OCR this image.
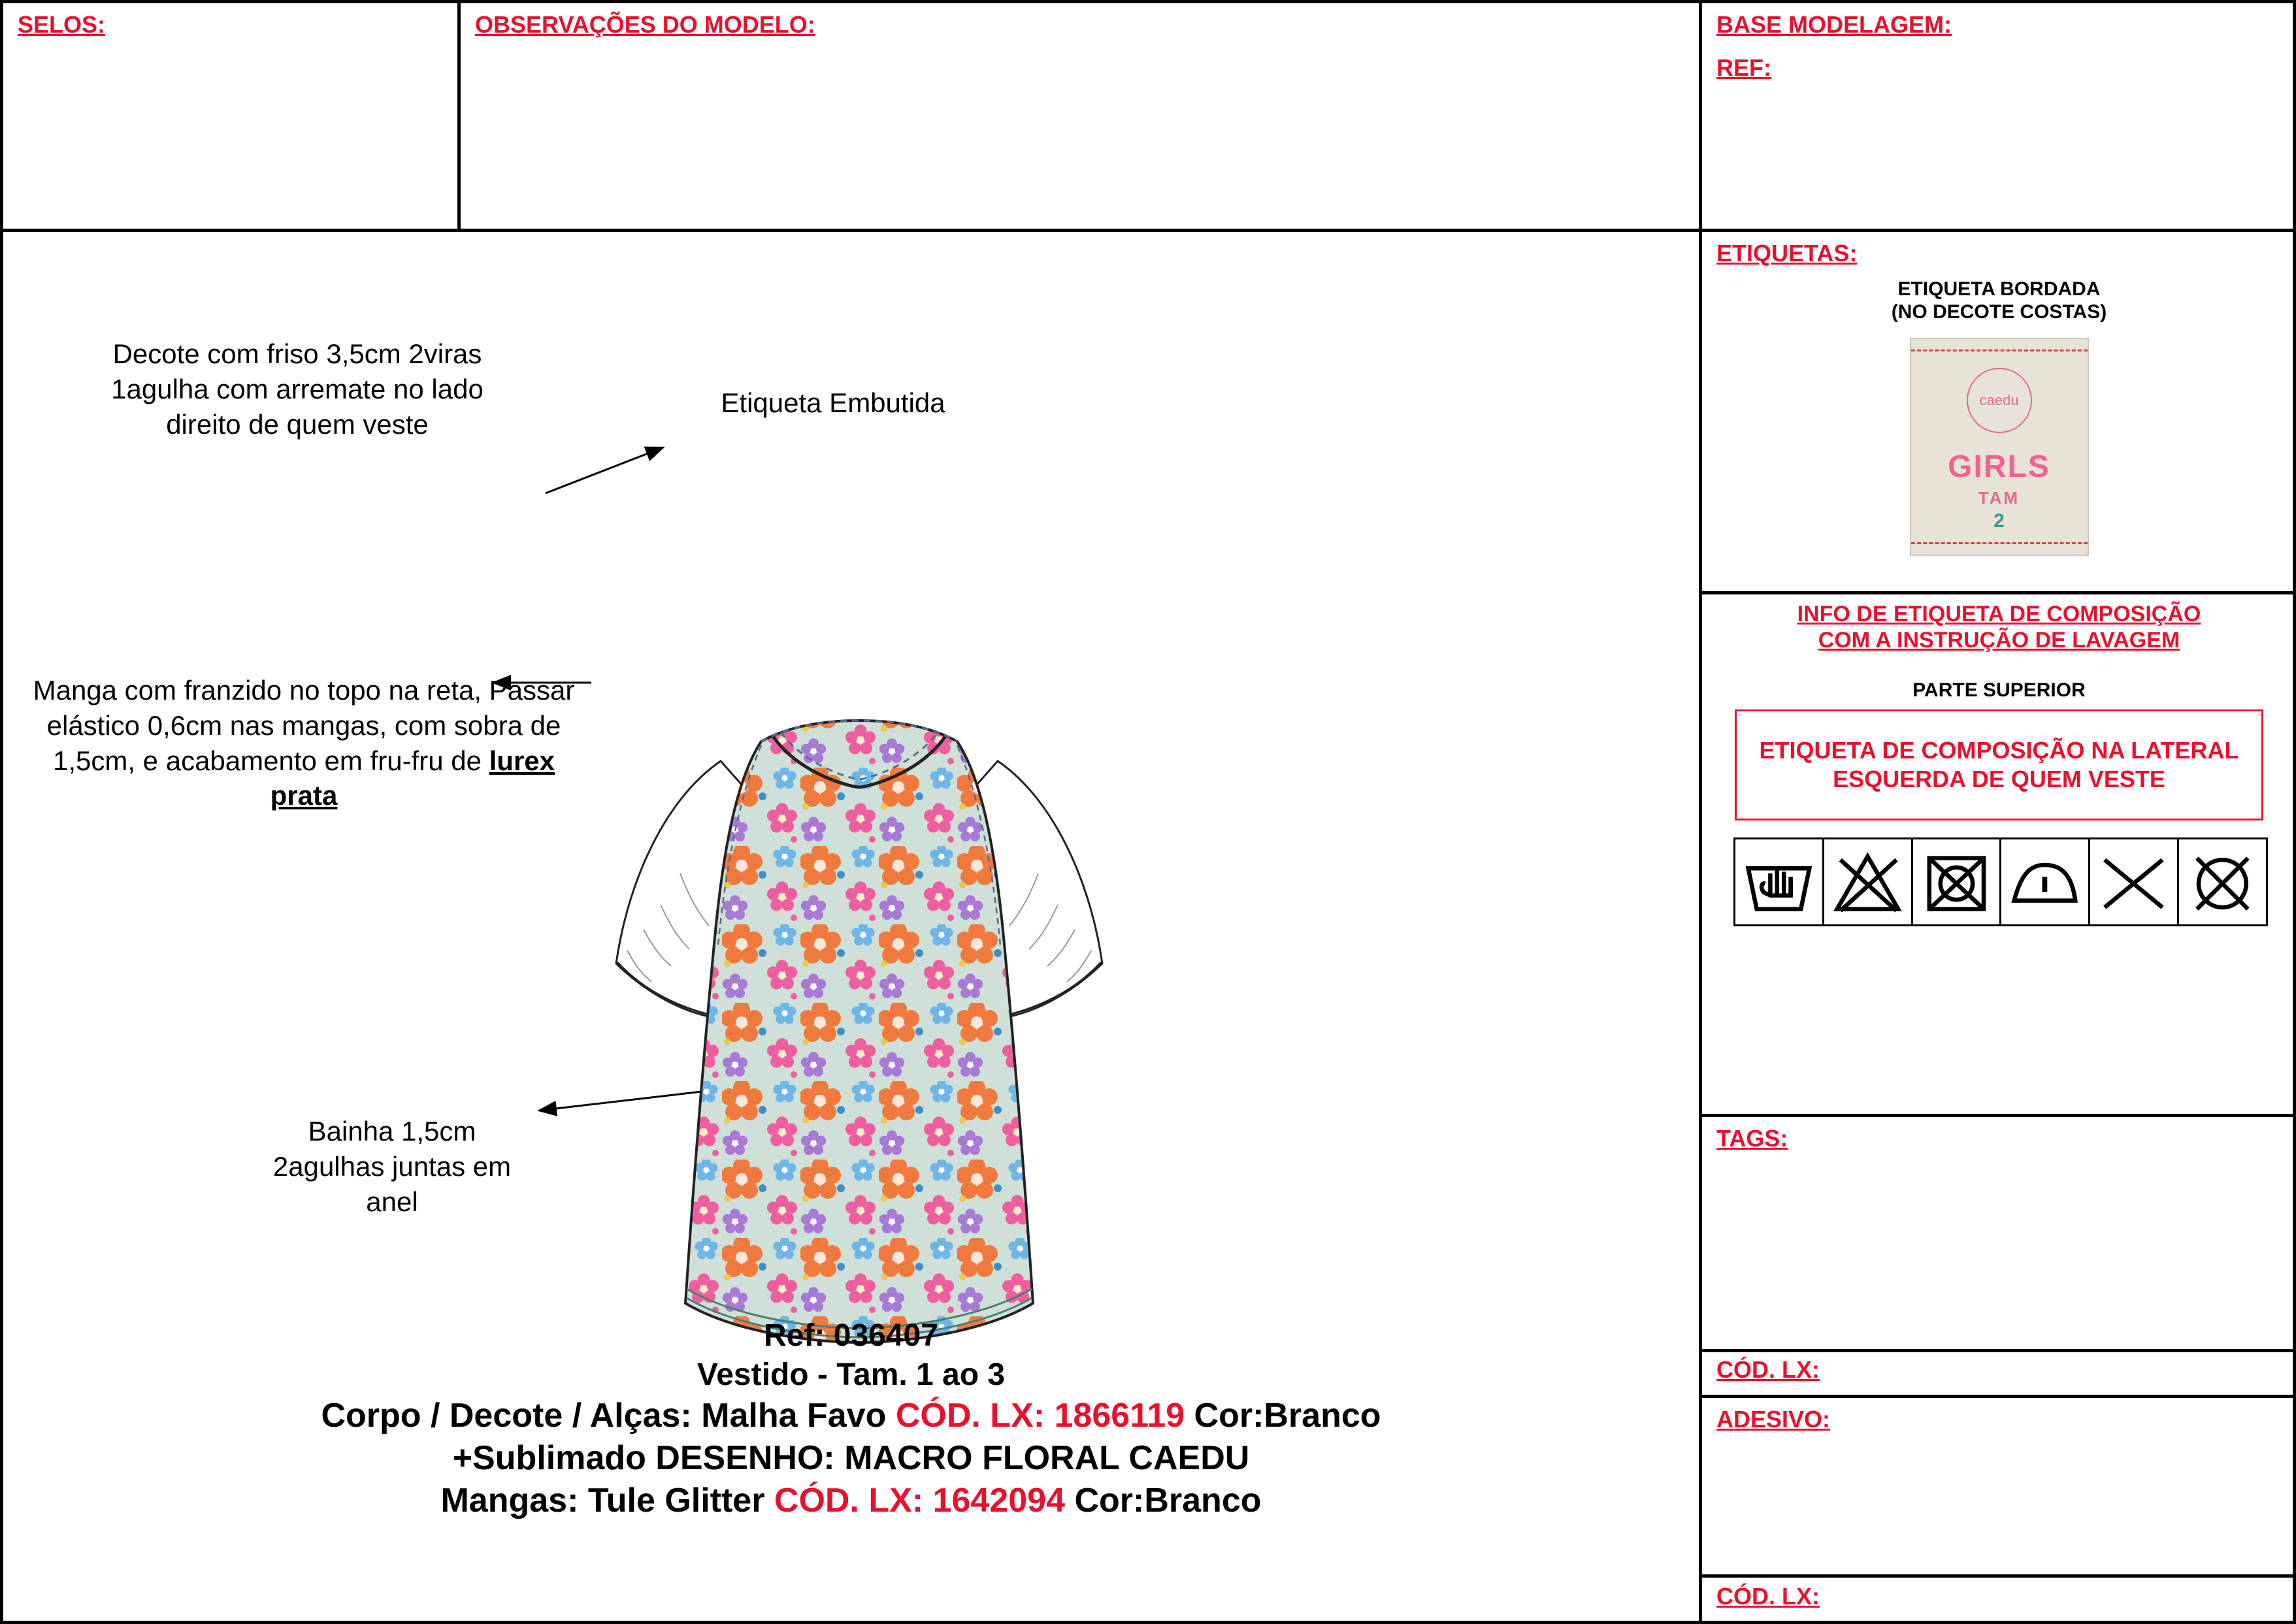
SELOS:	OBSERVAÇÕES DO MODELO:	BASE MODELAGEM:
REF:
Decote com friso 3,5cm 2viras 1agulha com arremate no lado direito de quem veste
Etiqueta Embutida
Manga com franzido no topo na reta, Passar elástico 0,6cm nas mangas, com sobra de 1,5cm, e acabamento em fru-fru de lurex prata
Bainha 1,5cm 2agulhas juntas em anel
Ref: 036407
Vestido - Tam. 1 ao 3
Corpo / Decote / Alças: Malha Favo CÓD. LX: 1866119 Cor:Branco
+Sublimado DESENHO: MACRO FLORAL CAEDU
Mangas: Tule Glitter CÓD. LX: 1642094 Cor:Branco
ETIQUETAS:
ETIQUETA BORDADA
(NO DECOTE COSTAS)
caedu
GIRLS
TAM
2
INFO DE ETIQUETA DE COMPOSIÇÃO
COM A INSTRUÇÃO DE LAVAGEM
PARTE SUPERIOR
ETIQUETA DE COMPOSIÇÃO NA LATERAL ESQUERDA DE QUEM VESTE
TAGS:
CÓD. LX:
ADESIVO:
CÓD. LX:
